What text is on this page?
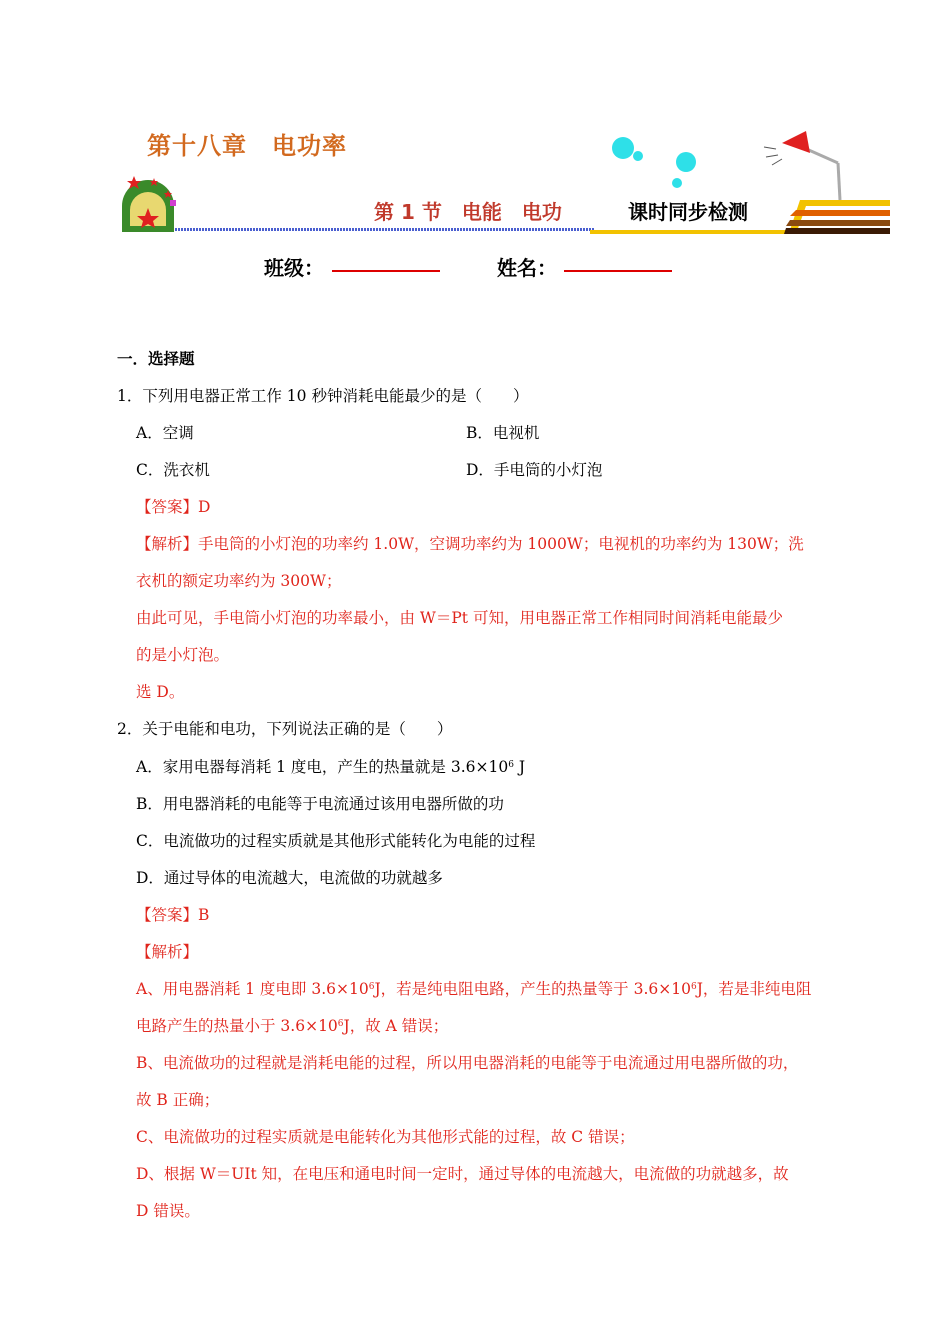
第十八章　电功率
第 1 节　电能　电功	课时同步检测
班级：	姓名：
一．选择题
1．下列用电器正常工作 10 秒钟消耗电能最少的是（　　）
A．空调	B．电视机
C．洗衣机	D．手电筒的小灯泡
【答案】D
【解析】手电筒的小灯泡的功率约 1.0W，空调功率约为 1000W；电视机的功率约为 130W；洗
衣机的额定功率约为 300W；
由此可见，手电筒小灯泡的功率最小，由 W＝Pt 可知，用电器正常工作相同时间消耗电能最少
的是小灯泡。
选 D。
2．关于电能和电功，下列说法正确的是（　　）
A．家用电器每消耗 1 度电，产生的热量就是 $3.6\times 10^6$ J
B．用电器消耗的电能等于电流通过该用电器所做的功
C．电流做功的过程实质就是其他形式能转化为电能的过程
D．通过导体的电流越大，电流做的功就越多
【答案】B
【解析】
A、用电器消耗 1 度电即 $3.6\times 10^6J$，若是纯电阻电路，产生的热量等于 $3.6\times 10^6J$，若是非纯电阻
电路产生的热量小于 $3.6\times 10^6J$，故 A 错误；
B、电流做功的过程就是消耗电能的过程，所以用电器消耗的电能等于电流通过用电器所做的功，
故 B 正确；
C、电流做功的过程实质就是电能转化为其他形式能的过程，故 C 错误；
D、根据 W＝UIt 知，在电压和通电时间一定时，通过导体的电流越大，电流做的功就越多，故
D 错误。
